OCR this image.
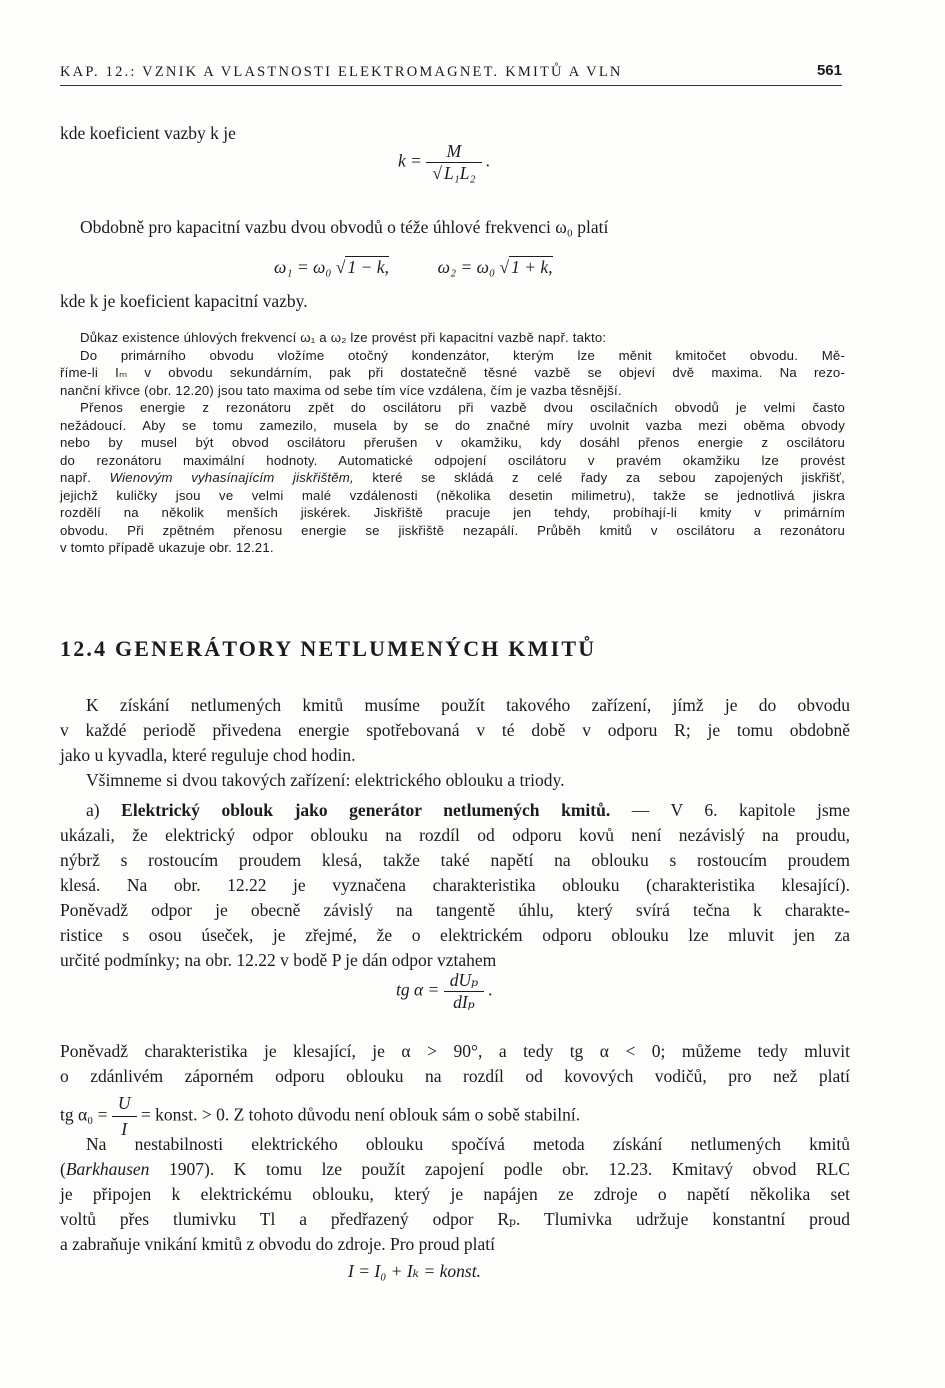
KAP. 12.: VZNIK A VLASTNOSTI ELEKTROMAGNET. KMITŮ A VLN	561
kde koeficient vazby k je
$k = \frac{M}{\text{√ L₁L₂}}$ .
Obdobně pro kapacitní vazbu dvou obvodů o téže úhlové frekvenci ω₀ platí
ω₁ = ω₀ √ 1 − k,	ω₂ = ω₀ √ 1 + k,
kde k je koeficient kapacitní vazby.
Důkaz existence úhlových frekvencí ω₁ a ω₂ lze provést při kapacitní vazbě např. takto:
Do primárního obvodu vložíme otočný kondenzátor, kterým lze měnit kmitočet obvodu. Mě-
říme-li Iₘ v obvodu sekundárním, pak při dostatečně těsné vazbě se objeví dvě maxima. Na rezo-
nanční křivce (obr. 12.20) jsou tato maxima od sebe tím více vzdálena, čím je vazba těsnější.
Přenos energie z rezonátoru zpět do oscilátoru při vazbě dvou oscilačních obvodů je velmi často
nežádoucí. Aby se tomu zamezilo, musela by se do značné míry uvolnit vazba mezi oběma obvody
nebo by musel být obvod oscilátoru přerušen v okamžiku, kdy dosáhl přenos energie z oscilátoru
do rezonátoru maximální hodnoty. Automatické odpojení oscilátoru v pravém okamžiku lze provést
např. Wienovým vyhasínajícím jiskřištěm, které se skládá z celé řady za sebou zapojených jiskřišť,
jejichž kuličky jsou ve velmi malé vzdálenosti (několika desetin milimetru), takže se jednotlivá jiskra
rozdělí na několik menších jiskérek. Jiskřiště pracuje jen tehdy, probíhají-li kmity v primárním
obvodu. Při zpětném přenosu energie se jiskřiště nezapálí. Průběh kmitů v oscilátoru a rezonátoru
v tomto případě ukazuje obr. 12.21.
12.4 GENERÁTORY NETLUMENÝCH KMITŮ
K získání netlumených kmitů musíme použít takového zařízení, jímž je do obvodu
v každé periodě přivedena energie spotřebovaná v té době v odporu R; je tomu obdobně
jako u kyvadla, které reguluje chod hodin.
Všimneme si dvou takových zařízení: elektrického oblouku a triody.
a) Elektrický oblouk jako generátor netlumených kmitů. — V 6. kapitole jsme
ukázali, že elektrický odpor oblouku na rozdíl od odporu kovů není nezávislý na proudu,
nýbrž s rostoucím proudem klesá, takže také napětí na oblouku s rostoucím proudem
klesá. Na obr. 12.22 je vyznačena charakteristika oblouku (charakteristika klesající).
Poněvadž odpor je obecně závislý na tangentě úhlu, který svírá tečna k charakte-
ristice s osou úseček, je zřejmé, že o elektrickém odporu oblouku lze mluvit jen za
určité podmínky; na obr. 12.22 v bodě P je dán odpor vztahem
tg $\alpha = \frac{\text{dUₚ}}{\text{dIₚ}}$ .
Poněvadž charakteristika je klesající, je α > 90°, a tedy tg α < 0; můžeme tedy mluvit
o zdánlivém záporném odporu oblouku na rozdíl od kovových vodičů, pro než platí
tg $\alpha_0 = \frac{U}{I}$ = konst. > 0. Z tohoto důvodu není oblouk sám o sobě stabilní.
Na nestabilnosti elektrického oblouku spočívá metoda získání netlumených kmitů
(Barkhausen 1907). K tomu lze použít zapojení podle obr. 12.23. Kmitavý obvod RLC
je připojen k elektrickému oblouku, který je napájen ze zdroje o napětí několika set
voltů přes tlumivku Tl a předřazený odpor Rₚ. Tlumivka udržuje konstantní proud
a zabraňuje vnikání kmitů z obvodu do zdroje. Pro proud platí
I = I₀ + Iₖ = konst.
